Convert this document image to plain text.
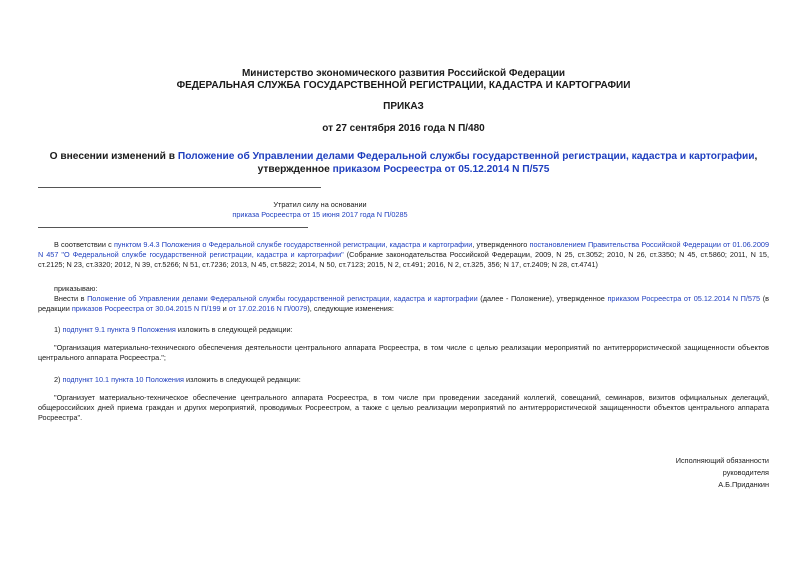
Министерство экономического развития Российской Федерации
ФЕДЕРАЛЬНАЯ СЛУЖБА ГОСУДАРСТВЕННОЙ РЕГИСТРАЦИИ, КАДАСТРА И КАРТОГРАФИИ
ПРИКАЗ
от 27 сентября 2016 года N П/480
О внесении изменений в Положение об Управлении делами Федеральной службы государственной регистрации, кадастра и картографии, утвержденное приказом Росреестра от 05.12.2014 N П/575
Утратил силу на основании
приказа Росреестра от 15 июня 2017 года N П/0285
В соответствии с пунктом 9.4.3 Положения о Федеральной службе государственной регистрации, кадастра и картографии, утвержденного постановлением Правительства Российской Федерации от 01.06.2009 N 457 "О Федеральной службе государственной регистрации, кадастра и картографии" (Собрание законодательства Российской Федерации, 2009, N 25, ст.3052; 2010, N 26, ст.3350; N 45, ст.5860; 2011, N 15, ст.2125; N 23, ст.3320; 2012, N 39, ст.5266; N 51, ст.7236; 2013, N 45, ст.5822; 2014, N 50, ст.7123; 2015, N 2, ст.491; 2016, N 2, ст.325, 356; N 17, ст.2409; N 28, ст.4741)
приказываю:
Внести в Положение об Управлении делами Федеральной службы государственной регистрации, кадастра и картографии (далее - Положение), утвержденное приказом Росреестра от 05.12.2014 N П/575 (в редакции приказов Росреестра от 30.04.2015 N П/199 и от 17.02.2016 N П/0079), следующие изменения:
1) подпункт 9.1 пункта 9 Положения изложить в следующей редакции:
"Организация материально-технического обеспечения деятельности центрального аппарата Росреестра, в том числе с целью реализации мероприятий по антитеррористической защищенности объектов центрального аппарата Росреестра.";
2) подпункт 10.1 пункта 10 Положения изложить в следующей редакции:
"Организует материально-техническое обеспечение центрального аппарата Росреестра, в том числе при проведении заседаний коллегий, совещаний, семинаров, визитов официальных делегаций, общероссийских дней приема граждан и других мероприятий, проводимых Росреестром, а также с целью реализации мероприятий по антитеррористической защищенности объектов центрального аппарата Росреестра".
Исполняющий обязанности
руководителя
А.Б.Приданкин
